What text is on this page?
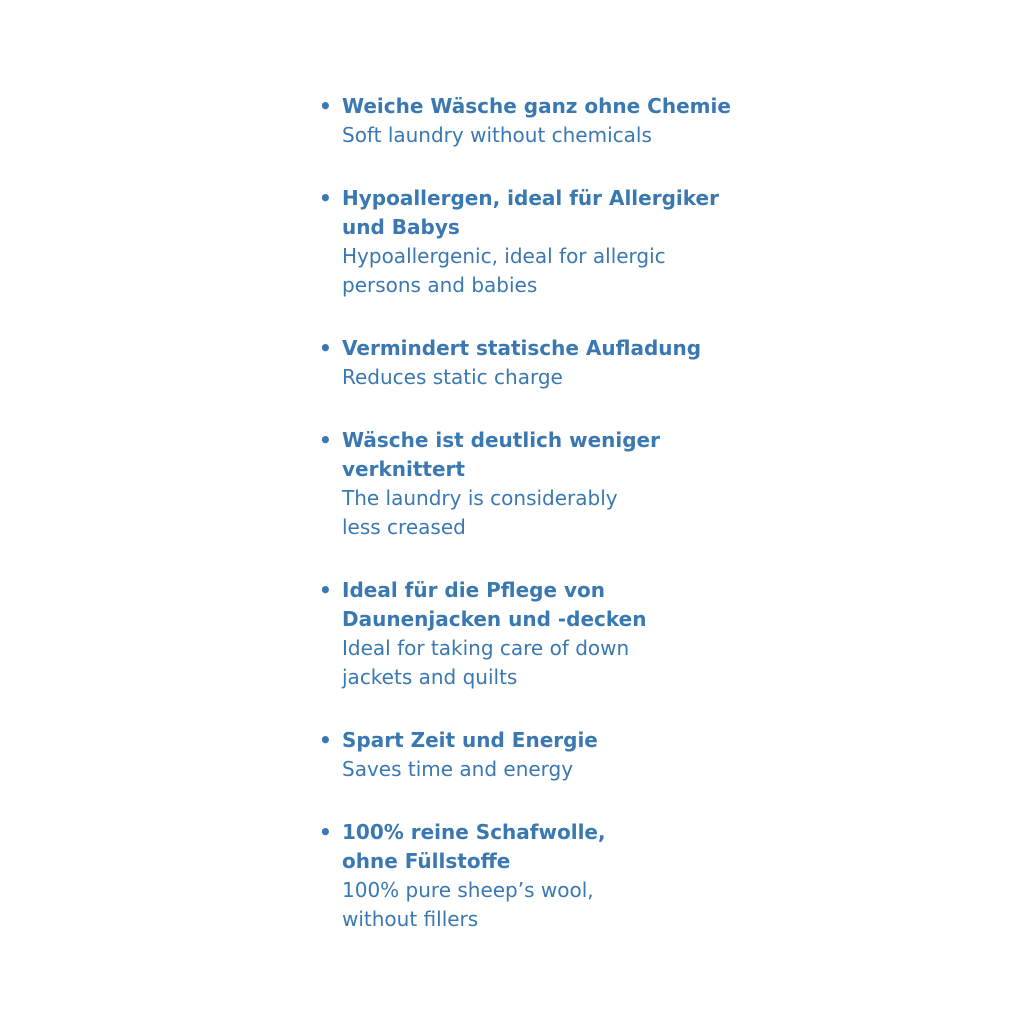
• Weiche Wäsche ganz ohne Chemie
Soft laundry without chemicals
• Hypoallergen, ideal für Allergiker
und Babys
Hypoallergenic, ideal for allergic
persons and babies
• Vermindert statische Aufladung
Reduces static charge
• Wäsche ist deutlich weniger
verknittert
The laundry is considerably
less creased
• Ideal für die Pflege von
Daunenjacken und -decken
Ideal for taking care of down
jackets and quilts
• Spart Zeit und Energie
Saves time and energy
• 100% reine Schafwolle,
ohne Füllstoffe
100% pure sheep’s wool,
without fillers
